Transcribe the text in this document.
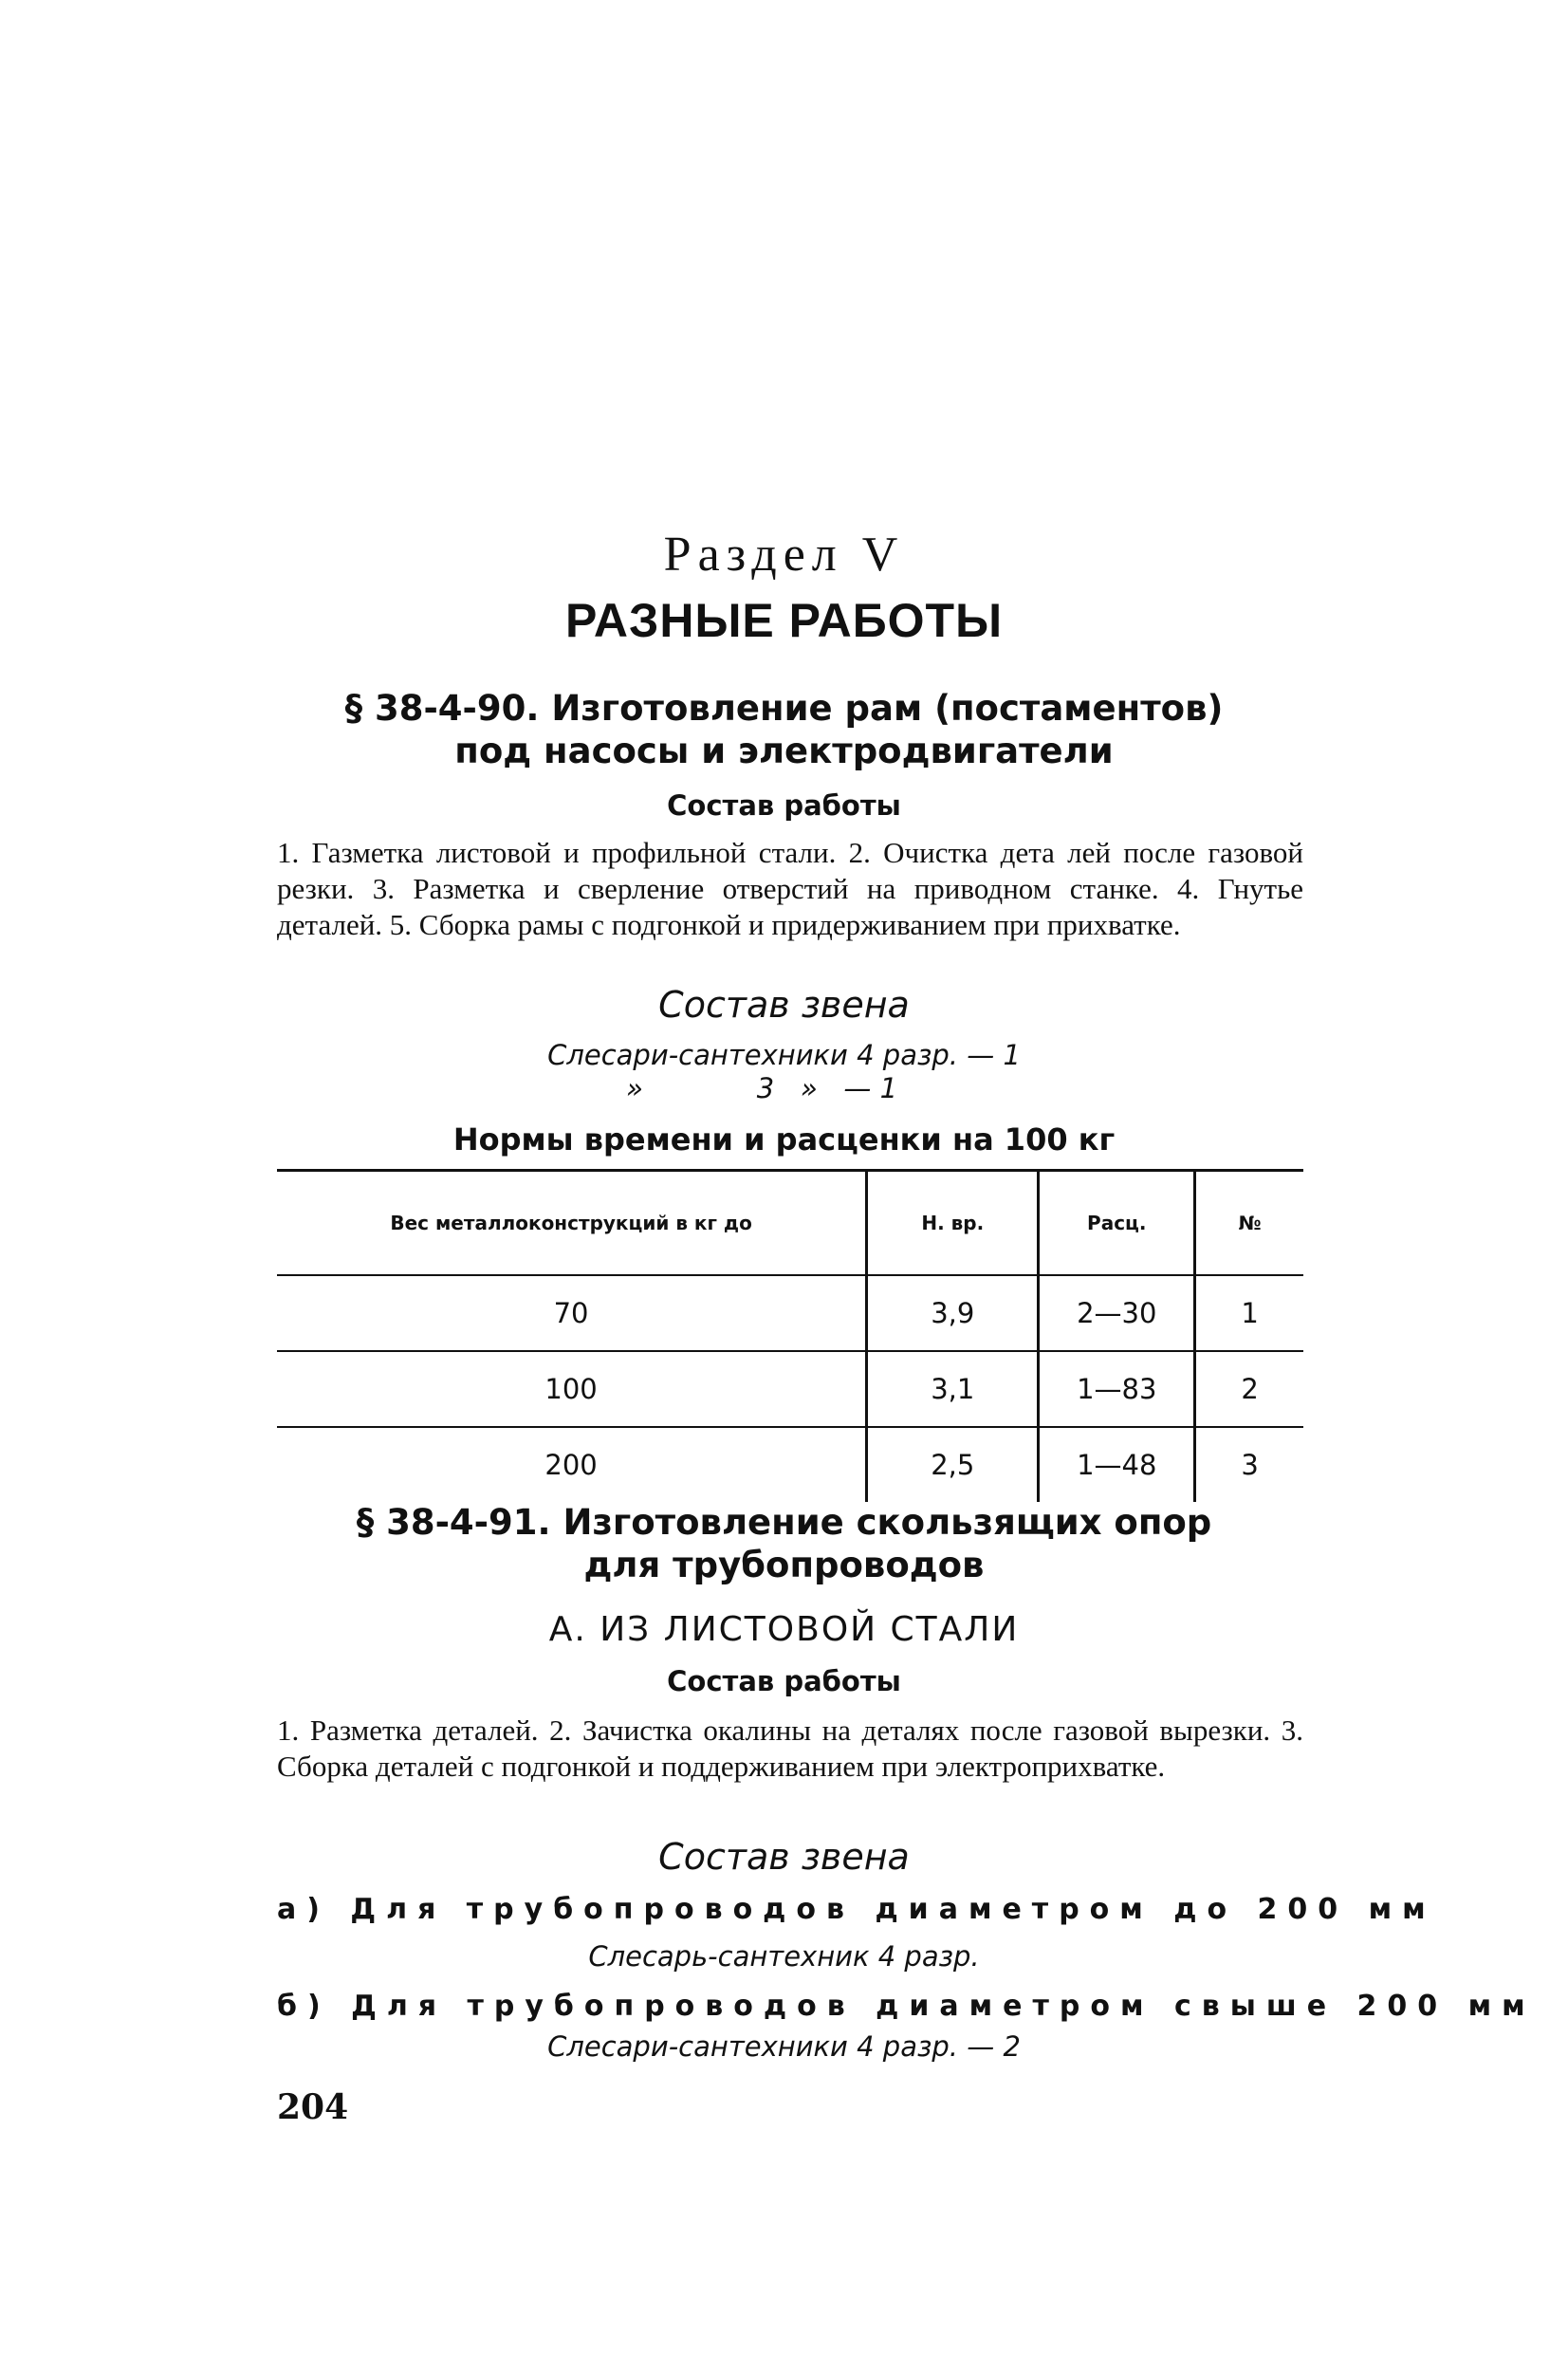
Раздел V
РАЗНЫЕ РАБОТЫ
§ 38-4-90. Изготовление рам (постаментов)
под насосы и электродвигатели
Состав работы
1. Газметка листовой и профильной стали. 2. Очистка дета лей после газовой резки. 3. Разметка и сверление отверстий на приводном станке. 4. Гнутье деталей. 5. Сборка рамы с подгонкой и придерживанием при прихватке.
Состав звена
Слесари-сантехники 4 разр. — 1
»             3   »   — 1
Нормы времени и расценки на 100 кг
Вес металлоконструкций в кг до	Н. вр.	Расц.	№
70	3,9	2—30	1
100	3,1	1—83	2
200	2,5	1—48	3
§ 38-4-91. Изготовление скользящих опор
для трубопроводов
А. ИЗ ЛИСТОВОЙ СТАЛИ
Состав работы
1. Разметка деталей. 2. Зачистка окалины на деталях после газовой вырезки. 3. Сборка деталей с подгонкой и поддерживанием при электроприхватке.
Состав звена
а) Для трубопроводов диаметром до 200 мм
Слесарь-сантехник 4 разр.
б) Для трубопроводов диаметром свыше 200 мм
Слесари-сантехники 4 разр. — 2
204
